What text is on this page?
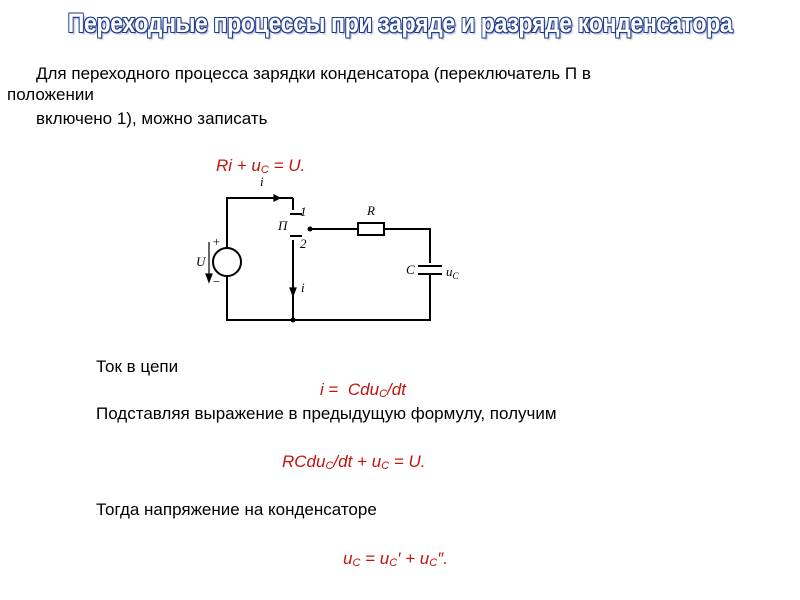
Переходные процессы при заряде и разряде конденсатора
Для переходного процесса зарядки конденсатора (переключатель П в
положении
включено 1), можно записать
$Ri + u_C = U$.
i
i
П
1
2
R
C $u_C$
U
+
−
Ток в цепи
i =  Cdu$_C$/dt
Подставляя выражение в предыдущую формулу, получим
RCdu$_C$/dt + $u_C = U$.
Тогда напряжение на конденсаторе
$u_C = u_C' + u_C''$.
